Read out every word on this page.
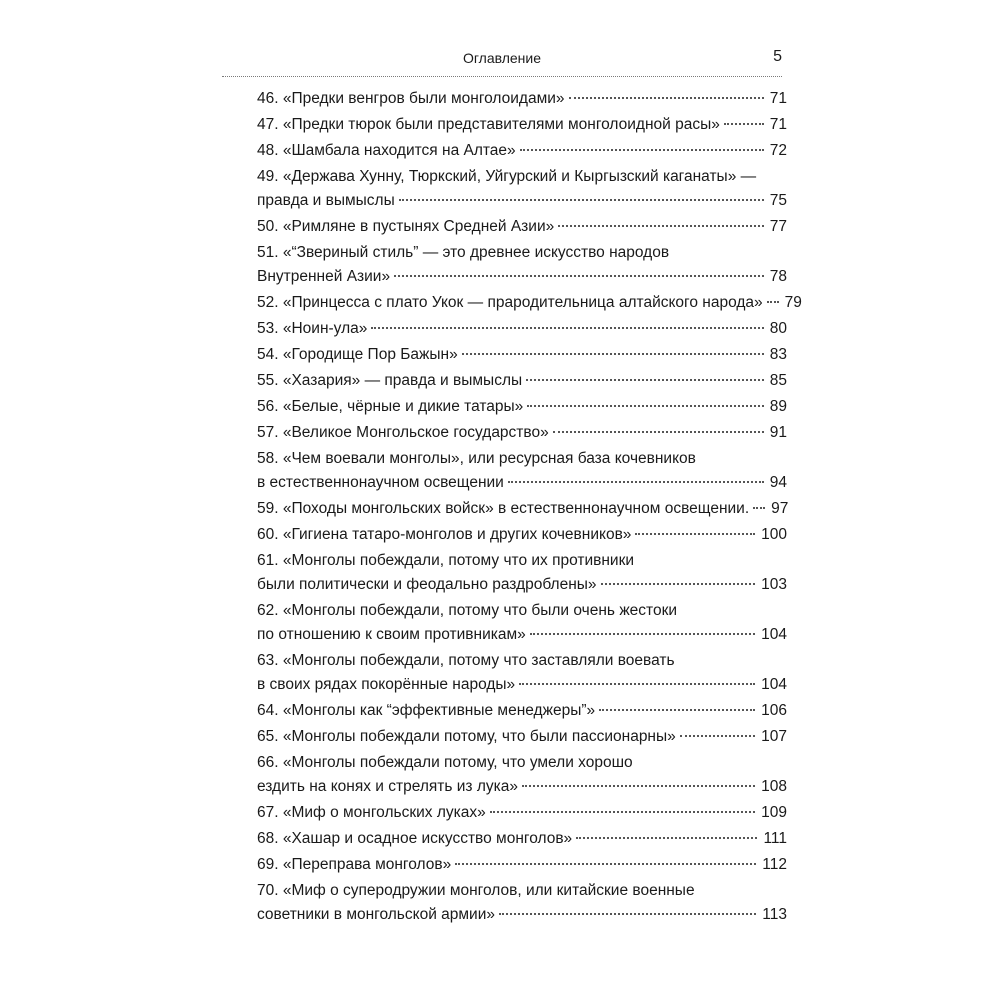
Оглавление	5
46. «Предки венгров были монголоидами»	71
47. «Предки тюрок были представителями монголоидной расы»	71
48. «Шамбала находится на Алтае»	72
49. «Держава Хунну, Тюркский, Уйгурский и Кыргызский каганаты» —
правда и вымыслы	75
50. «Римляне в пустынях Средней Азии»	77
51. «“Звериный стиль” — это древнее искусство народов
Внутренней Азии»	78
52. «Принцесса с плато Укок — прародительница алтайского народа» 79
53. «Ноин-ула»	80
54. «Городище Пор Бажын»	83
55. «Хазария» — правда и вымыслы	85
56. «Белые, чёрные и дикие татары»	89
57. «Великое Монгольское государство»	91
58. «Чем воевали монголы», или ресурсная база кочевников
в естественнонаучном освещении	94
59. «Походы монгольских войск» в естественнонаучном освещении. 97
60. «Гигиена татаро-монголов и других кочевников»	100
61. «Монголы побеждали, потому что их противники
были политически и феодально раздроблены»	103
62. «Монголы побеждали, потому что были очень жестоки
по отношению к своим противникам»	104
63. «Монголы побеждали, потому что заставляли воевать
в своих рядах покорённые народы»	104
64. «Монголы как “эффективные менеджеры”»	106
65. «Монголы побеждали потому, что были пассионарны»	107
66. «Монголы побеждали потому, что умели хорошо
ездить на конях и стрелять из лука»	108
67. «Миф о монгольских луках»	109
68. «Хашар и осадное искусство монголов»	111
69. «Переправа монголов»	112
70. «Миф о суперодружии монголов, или китайские военные
советники в монгольской армии»	113
